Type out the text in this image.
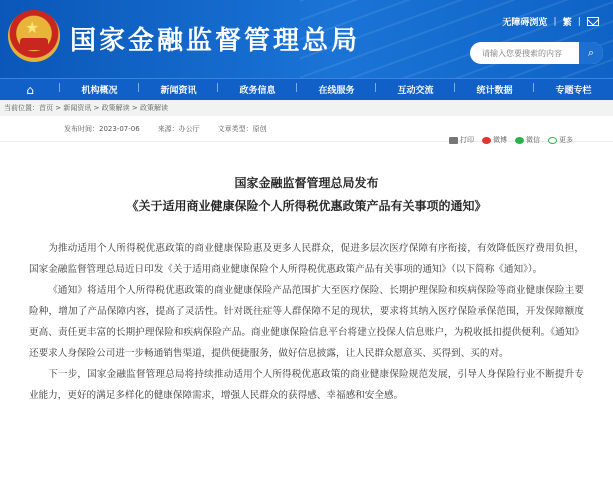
★ 国家金融监督管理总局
无障碍浏览 | 繁 |
请输入您要搜索的内容
⌕
⌂	| 机构概况	| 新闻资讯	| 政务信息	| 在线服务	| 互动交流	| 统计数据	| 专题专栏
当前位置：首页 > 新闻资讯 > 政策解读 > 政策解读
发布时间：2023-07-06	来源：办公厅	文章类型：原创
打印	微博	微信	更多
国家金融监督管理总局发布
《关于适用商业健康保险个人所得税优惠政策产品有关事项的通知》

为推动适用个人所得税优惠政策的商业健康保险惠及更多人民群众，促进多层次医疗保障有序衔接，有效降低医疗费用负担，国家金融监督管理总局近日印发《关于适用商业健康保险个人所得税优惠政策产品有关事项的通知》（以下简称《通知》）。

《通知》将适用个人所得税优惠政策的商业健康保险产品范围扩大至医疗保险、长期护理保险和疾病保险等商业健康保险主要险种，增加了产品保障内容，提高了灵活性。针对既往症等人群保障不足的现状，要求将其纳入医疗保险承保范围，开发保障额度更高、责任更丰富的长期护理保险和疾病保险产品。商业健康保险信息平台将建立投保人信息账户，为税收抵扣提供便利。《通知》还要求人身保险公司进一步畅通销售渠道，提供便捷服务，做好信息披露，让人民群众愿意买、买得到、买的对。

下一步，国家金融监督管理总局将持续推动适用个人所得税优惠政策的商业健康保险规范发展，引导人身保险行业不断提升专业能力，更好的满足多样化的健康保障需求，增强人民群众的获得感、幸福感和安全感。
